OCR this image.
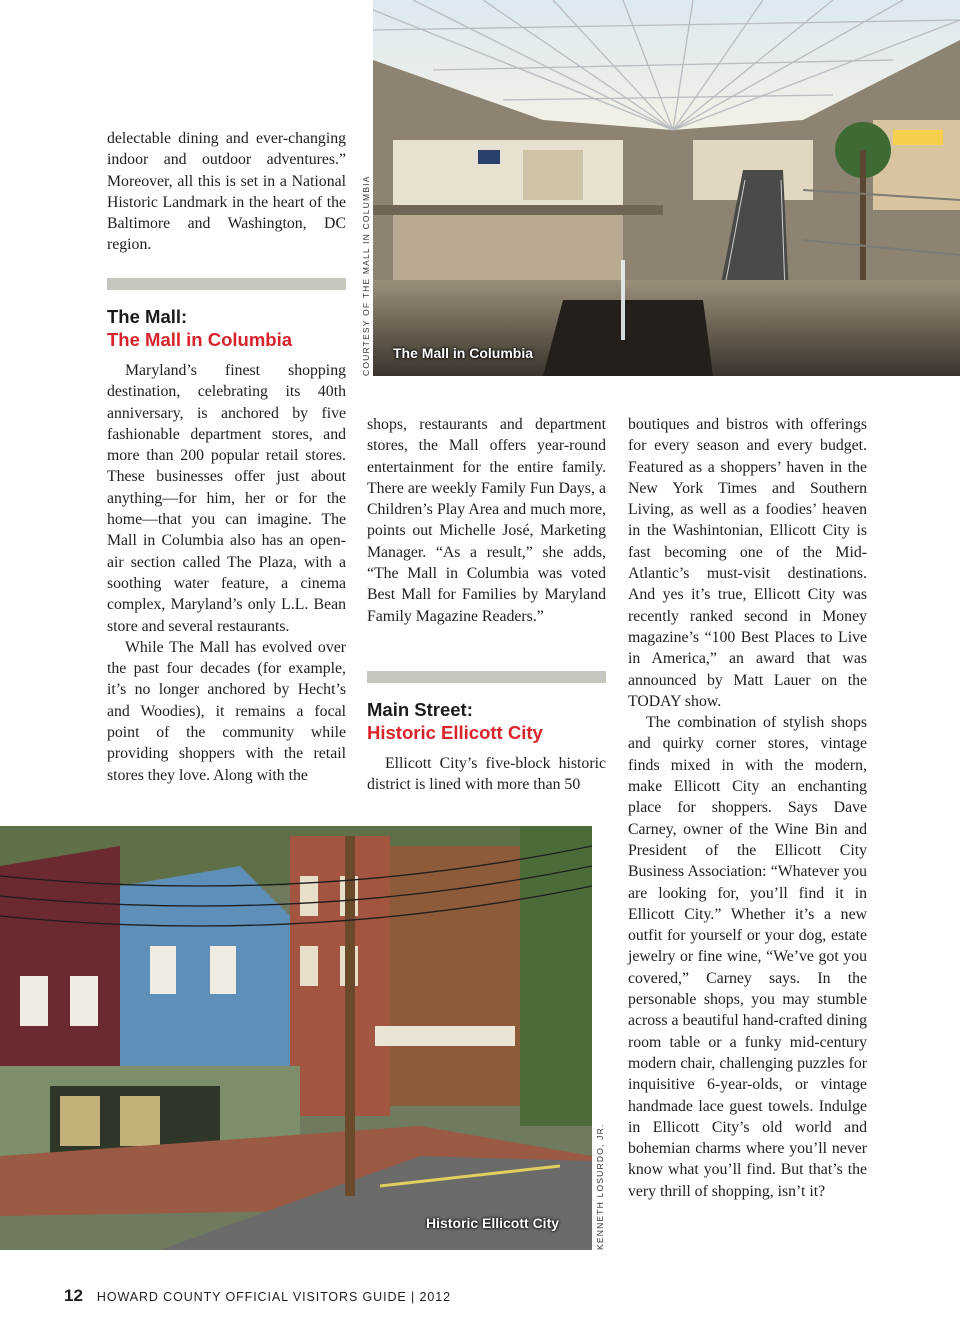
The Mall in Columbia
COURTESY OF THE MALL IN COLUMBIA

delectable dining and ever-changing indoor and outdoor adventures.” Moreover, all this is set in a National Historic Landmark in the heart of the Baltimore and Washington, DC region.

The Mall:
The Mall in Columbia

Maryland’s finest shopping destination, celebrating its 40th anniversary, is anchored by five fashionable department stores, and more than 200 popular retail stores. These businesses offer just about anything—for him, her or for the home—that you can imagine. The Mall in Columbia also has an open-air section called The Plaza, with a soothing water feature, a cinema complex, Maryland’s only L.L. Bean store and several restaurants.

While The Mall has evolved over the past four decades (for example, it’s no longer anchored by Hecht’s and Woodies), it remains a focal point of the community while providing shoppers with the retail stores they love. Along with the

shops, restaurants and department stores, the Mall offers year-round entertainment for the entire family. There are weekly Family Fun Days, a Children’s Play Area and much more, points out Michelle José, Marketing Manager. “As a result,” she adds, “The Mall in Columbia was voted Best Mall for Families by Maryland Family Magazine Readers.”

Main Street:
Historic Ellicott City

Ellicott City’s five-block historic district is lined with more than 50

boutiques and bistros with offerings for every season and every budget. Featured as a shoppers’ haven in the New York Times and Southern Living, as well as a foodies’ heaven in the Washintonian, Ellicott City is fast becoming one of the Mid-Atlantic’s must-visit destinations. And yes it’s true, Ellicott City was recently ranked second in Money magazine’s “100 Best Places to Live in America,” an award that was announced by Matt Lauer on the TODAY show.

The combination of stylish shops and quirky corner stores, vintage finds mixed in with the modern, make Ellicott City an enchanting place for shoppers. Says Dave Carney, owner of the Wine Bin and President of the Ellicott City Business Association: “Whatever you are looking for, you’ll find it in Ellicott City.” Whether it’s a new outfit for yourself or your dog, estate jewelry or fine wine, “We’ve got you covered,” Carney says. In the personable shops, you may stumble across a beautiful hand-crafted dining room table or a funky mid-century modern chair, challenging puzzles for inquisitive 6-year-olds, or vintage handmade lace guest towels. Indulge in Ellicott City’s old world and bohemian charms where you’ll never know what you’ll find. But that’s the very thrill of shopping, isn’t it?

Historic Ellicott City	KENNETH LOSURDO, JR.
12 HOWARD COUNTY OFFICIAL VISITORS GUIDE | 2012
